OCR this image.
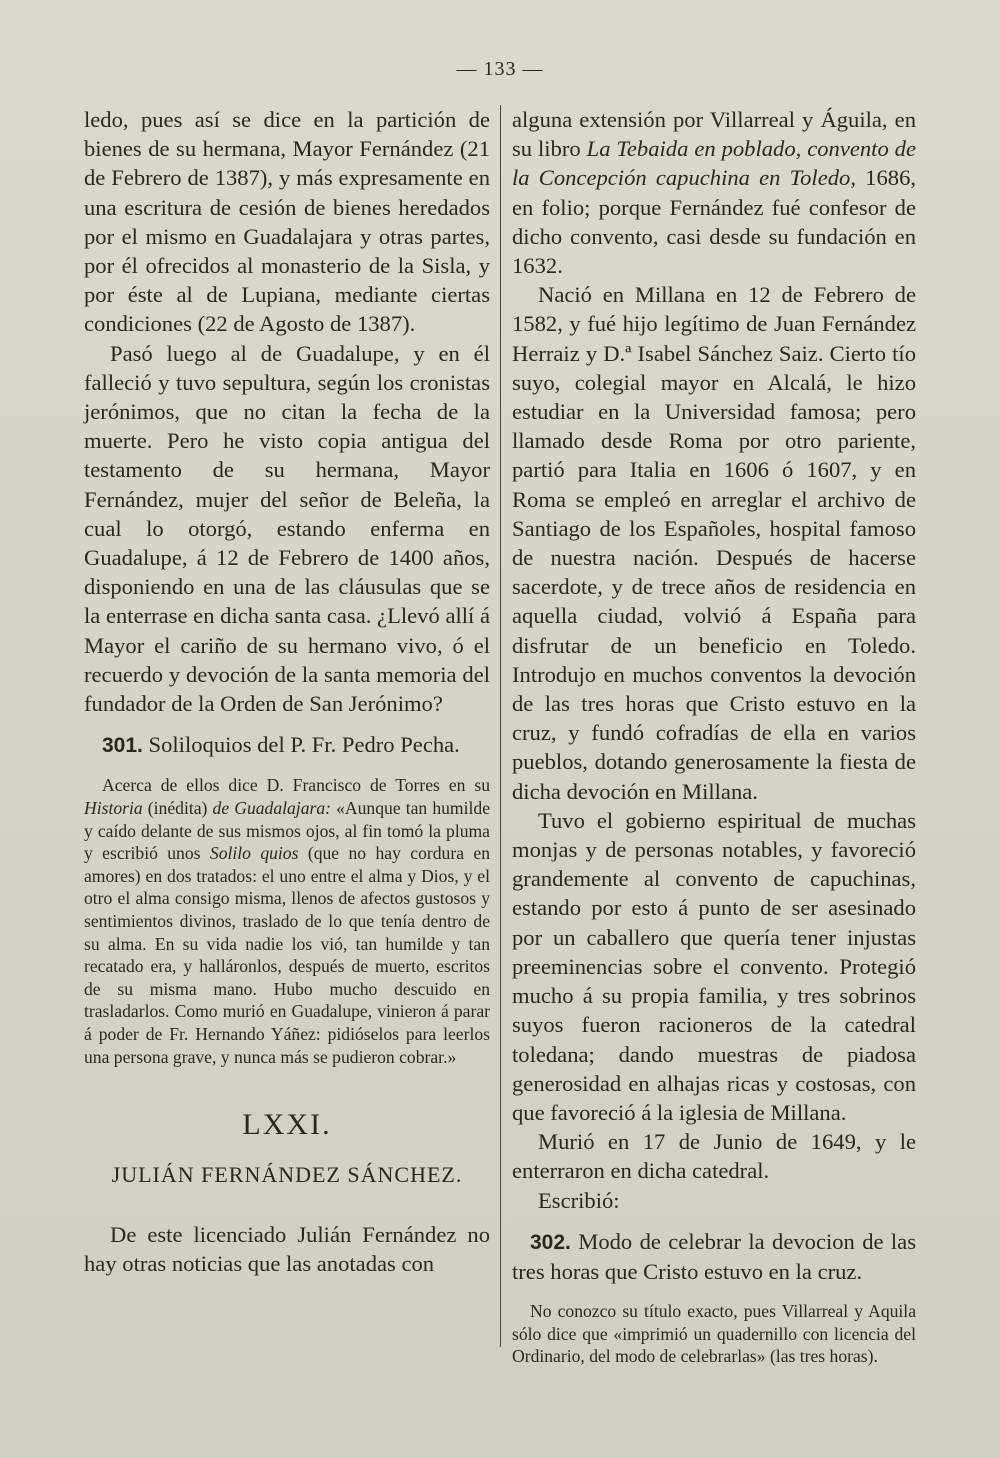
— 133 —

ledo, pues así se dice en la partición de bienes de su hermana, Mayor Fernández (21 de Febrero de 1387), y más expresamente en una escritura de cesión de bienes heredados por el mismo en Guadalajara y otras partes, por él ofrecidos al monasterio de la Sisla, y por éste al de Lupiana, mediante ciertas condiciones (22 de Agosto de 1387).

Pasó luego al de Guadalupe, y en él falleció y tuvo sepultura, según los cronistas jerónimos, que no citan la fecha de la muerte. Pero he visto copia antigua del testamento de su hermana, Mayor Fernández, mujer del señor de Beleña, la cual lo otorgó, estando enferma en Guadalupe, á 12 de Febrero de 1400 años, disponiendo en una de las cláusulas que se la enterrase en dicha santa casa. ¿Llevó allí á Mayor el cariño de su hermano vivo, ó el recuerdo y devoción de la santa memoria del fundador de la Orden de San Jerónimo?

301. Soliloquios del P. Fr. Pedro Pecha.

Acerca de ellos dice D. Francisco de Torres en su Historia (inédita) de Guadalajara: «Aunque tan humilde y caído delante de sus mismos ojos, al fin tomó la pluma y escribió unos Solilo quios (que no hay cordura en amores) en dos tratados: el uno entre el alma y Dios, y el otro el alma consigo misma, llenos de afectos gustosos y sentimientos divinos, traslado de lo que tenía dentro de su alma. En su vida nadie los vió, tan humilde y tan recatado era, y halláronlos, después de muerto, escritos de su misma mano. Hubo mucho descuido en trasladarlos. Como murió en Guadalupe, vinieron á parar á poder de Fr. Hernando Yáñez: pidióselos para leerlos una persona grave, y nunca más se pudieron cobrar.»

LXXI.
JULIÁN FERNÁNDEZ SÁNCHEZ.

De este licenciado Julián Fernández no hay otras noticias que las anotadas con

alguna extensión por Villarreal y Águila, en su libro La Tebaida en poblado, convento de la Concepción capuchina en Toledo, 1686, en folio; porque Fernández fué confesor de dicho convento, casi desde su fundación en 1632.

Nació en Millana en 12 de Febrero de 1582, y fué hijo legítimo de Juan Fernández Herraiz y D.ª Isabel Sánchez Saiz. Cierto tío suyo, colegial mayor en Alcalá, le hizo estudiar en la Universidad famosa; pero llamado desde Roma por otro pariente, partió para Italia en 1606 ó 1607, y en Roma se empleó en arreglar el archivo de Santiago de los Españoles, hospital famoso de nuestra nación. Después de hacerse sacerdote, y de trece años de residencia en aquella ciudad, volvió á España para disfrutar de un beneficio en Toledo. Introdujo en muchos conventos la devoción de las tres horas que Cristo estuvo en la cruz, y fundó cofradías de ella en varios pueblos, dotando generosamente la fiesta de dicha devoción en Millana.

Tuvo el gobierno espiritual de muchas monjas y de personas notables, y favoreció grandemente al convento de capuchinas, estando por esto á punto de ser asesinado por un caballero que quería tener injustas preeminencias sobre el convento. Protegió mucho á su propia familia, y tres sobrinos suyos fueron racioneros de la catedral toledana; dando muestras de piadosa generosidad en alhajas ricas y costosas, con que favoreció á la iglesia de Millana.

Murió en 17 de Junio de 1649, y le enterraron en dicha catedral.

Escribió:

302. Modo de celebrar la devocion de las tres horas que Cristo estuvo en la cruz.

No conozco su título exacto, pues Villarreal y Aquila sólo dice que «imprimió un quadernillo con licencia del Ordinario, del modo de celebrarlas» (las tres horas).
